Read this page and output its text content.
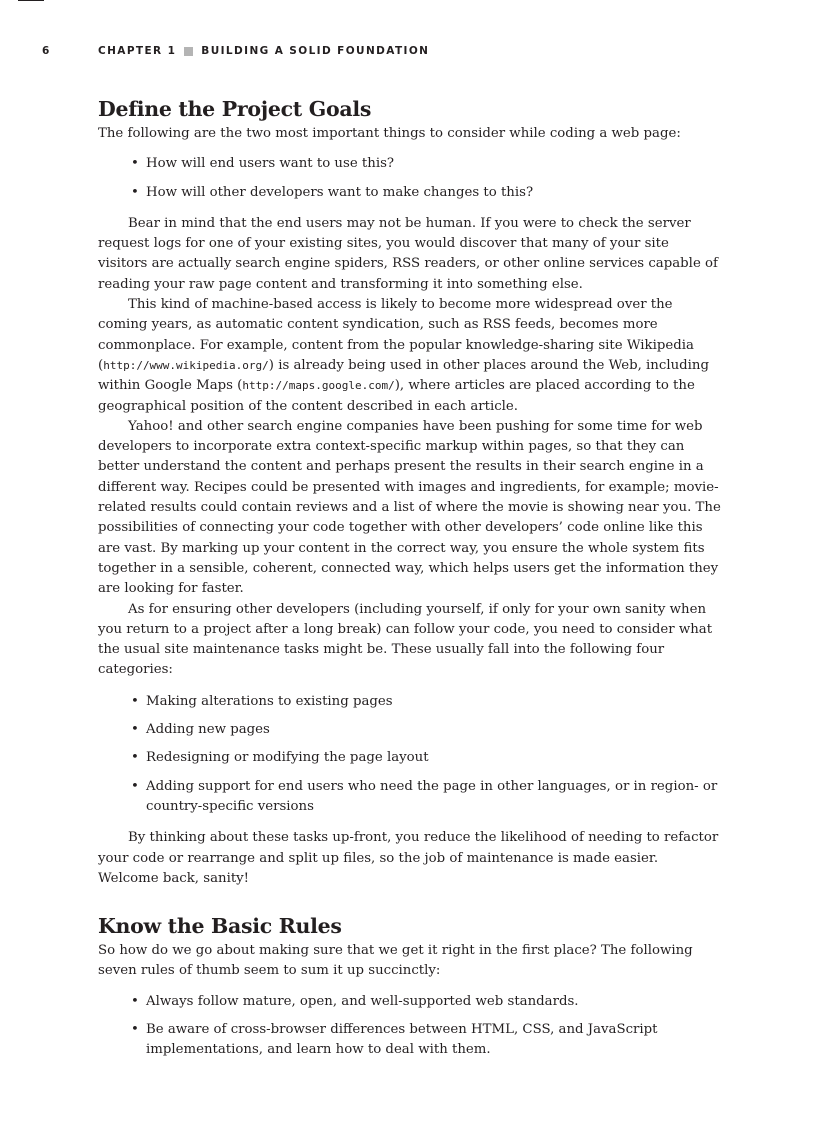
6	CHAPTER 1 BUILDING A SOLID FOUNDATION
Define the Project Goals

The following are the two most important things to consider while coding a web page:

• How will end users want to use this?
• How will other developers want to make changes to this?

Bear in mind that the end users may not be human. If you were to check the server request logs for one of your existing sites, you would discover that many of your site visitors are actually search engine spiders, RSS readers, or other online services capable of reading your raw page content and transforming it into something else.

This kind of machine-based access is likely to become more widespread over the coming years, as automatic content syndication, such as RSS feeds, becomes more commonplace. For example, content from the popular knowledge-sharing site Wikipedia (http://www.wikipedia.org/) is already being used in other places around the Web, including within Google Maps (http://maps.google.com/), where articles are placed according to the geographical position of the content described in each article.

Yahoo! and other search engine companies have been pushing for some time for web developers to incorporate extra context-specific markup within pages, so that they can better understand the content and perhaps present the results in their search engine in a different way. Recipes could be presented with images and ingredients, for example; movie-related results could contain reviews and a list of where the movie is showing near you. The possibilities of connecting your code together with other developers’ code online like this are vast. By marking up your content in the correct way, you ensure the whole system fits together in a sensible, coherent, connected way, which helps users get the information they are looking for faster.

As for ensuring other developers (including yourself, if only for your own sanity when you return to a project after a long break) can follow your code, you need to consider what the usual site maintenance tasks might be. These usually fall into the following four categories:

• Making alterations to existing pages
• Adding new pages
• Redesigning or modifying the page layout
• Adding support for end users who need the page in other languages, or in region- or country-specific versions

By thinking about these tasks up-front, you reduce the likelihood of needing to refactor your code or rearrange and split up files, so the job of maintenance is made easier. Welcome back, sanity!

Know the Basic Rules

So how do we go about making sure that we get it right in the first place? The following seven rules of thumb seem to sum it up succinctly:

• Always follow mature, open, and well-supported web standards.
• Be aware of cross-browser differences between HTML, CSS, and JavaScript implementations, and learn how to deal with them.
